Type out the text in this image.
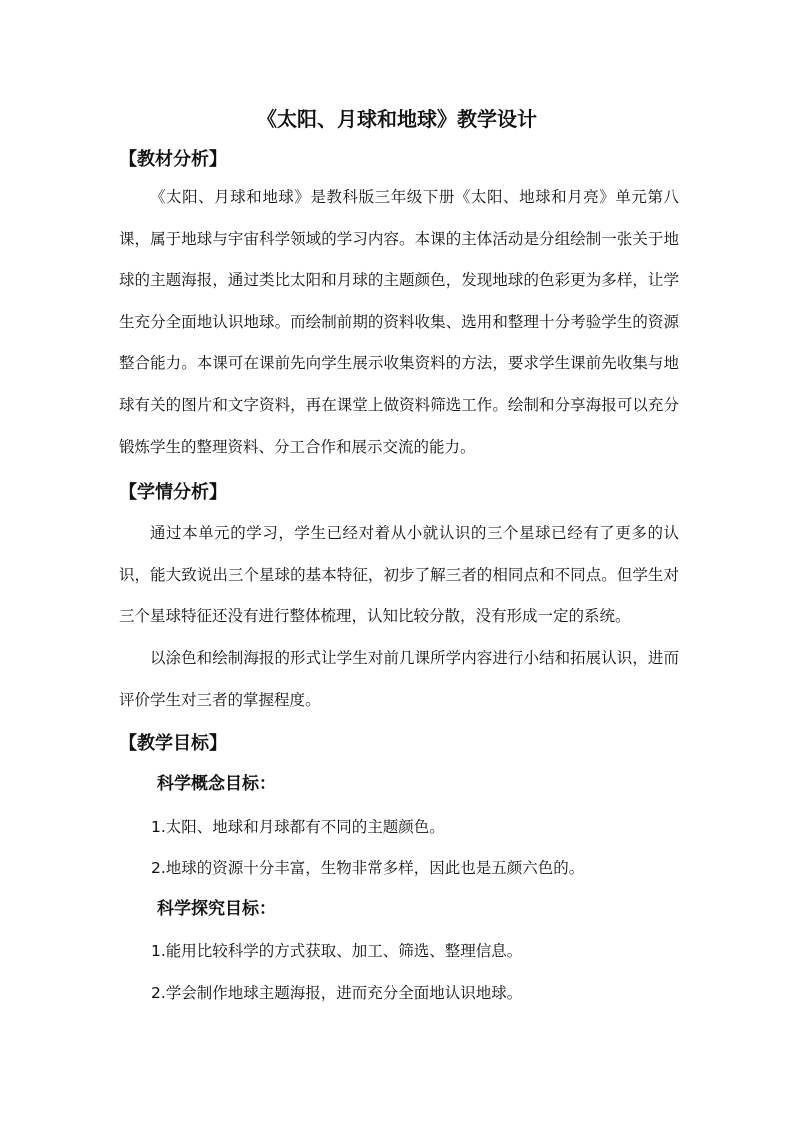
《太阳、月球和地球》教学设计
【教材分析】

《太阳、月球和地球》是教科版三年级下册《太阳、地球和月亮》单元第八课，属于地球与宇宙科学领域的学习内容。本课的主体活动是分组绘制一张关于地球的主题海报，通过类比太阳和月球的主题颜色，发现地球的色彩更为多样，让学生充分全面地认识地球。而绘制前期的资料收集、选用和整理十分考验学生的资源整合能力。本课可在课前先向学生展示收集资料的方法，要求学生课前先收集与地球有关的图片和文字资料，再在课堂上做资料筛选工作。绘制和分享海报可以充分锻炼学生的整理资料、分工合作和展示交流的能力。

【学情分析】

通过本单元的学习，学生已经对着从小就认识的三个星球已经有了更多的认识，能大致说出三个星球的基本特征，初步了解三者的相同点和不同点。但学生对三个星球特征还没有进行整体梳理，认知比较分散，没有形成一定的系统。

以涂色和绘制海报的形式让学生对前几课所学内容进行小结和拓展认识，进而评价学生对三者的掌握程度。

【教学目标】
科学概念目标：
1.太阳、地球和月球都有不同的主题颜色。
2.地球的资源十分丰富，生物非常多样，因此也是五颜六色的。
科学探究目标：
1.能用比较科学的方式获取、加工、筛选、整理信息。
2.学会制作地球主题海报，进而充分全面地认识地球。
